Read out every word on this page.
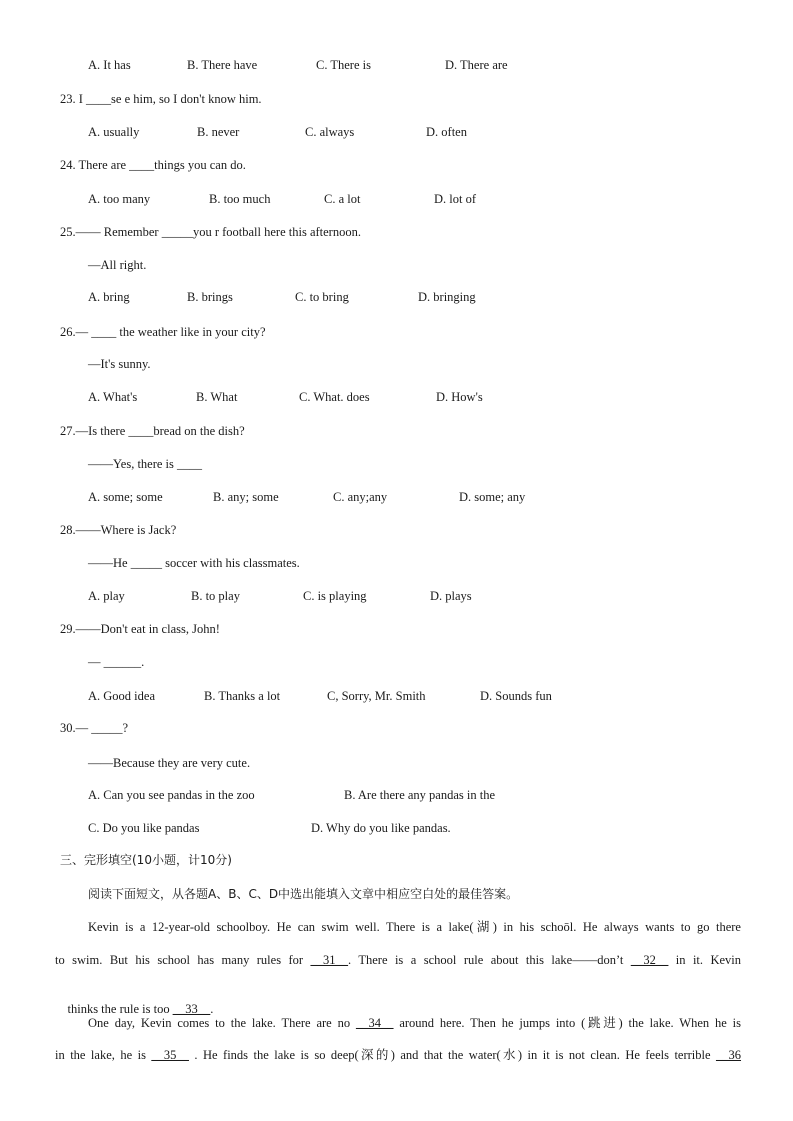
A. It has	B. There have	C. There is	D. There are
23. I ____se e him, so I don't know him.
A. usually	B. never	C. always	D. often
24. There are ____things you can do.
A. too many	B. too much	C. a lot	D. lot of
25.—— Remember _____you r football here this afternoon.
—All right.
A. bring	B. brings	C. to bring	D. bringing
26.— ____ the weather like in your city?
—It's sunny.
A. What's	B. What	C. What. does	D. How's
27.—Is there ____bread on the dish?
——Yes, there is ____
A. some; some	B. any; some	C. any;any	D. some; any
28.——Where is Jack?
——He _____ soccer with his classmates.
A. play	B. to play	C. is playing	D. plays
29.——Don't eat in class, John!
— ______.
A. Good idea	B. Thanks a lot	C, Sorry, Mr. Smith	D. Sounds fun
30.— _____?
——Because they are very cute.
A. Can you see pandas in the zoo	B. Are there any pandas in the
C. Do you like pandas	D. Why do you like pandas.
三、完形填空(10小题，计10分)
阅读下面短文，从各题A、B、C、D中选出能填入文章中相应空白处的最佳答案。
Kevin is a 12-year-old schoolboy. He can swim well. There is a lake(湖) in his schoōl. He always wants to go there
to swim. But his school has many rules for __31__. There is a school rule about this lake——don’t __32__ in it. Kevin

thinks the rule is too __33__.

One day, Kevin comes to the lake. There are no __34__ around here. Then he jumps into (跳进) the lake. When he is
in the lake, he is __35__ . He finds the lake is so deep(深的) and that the water(水) in it is not clean. He feels terrible __36
